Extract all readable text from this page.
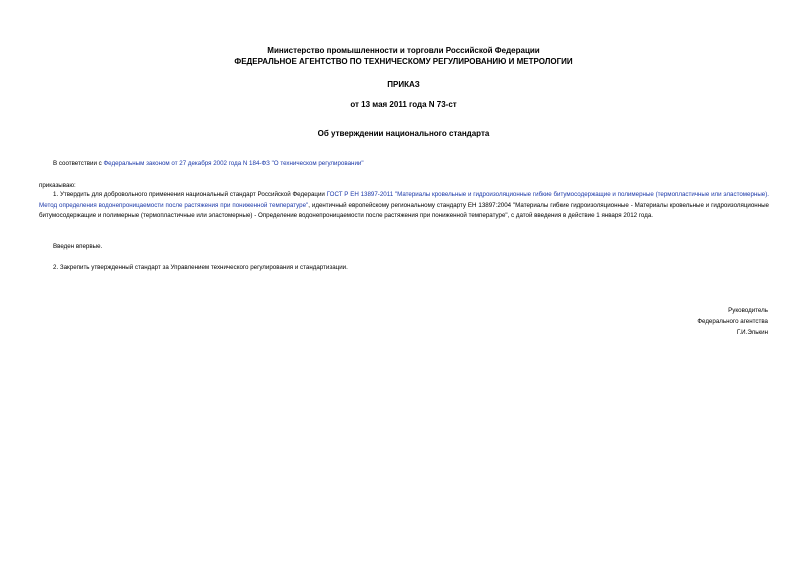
Министерство промышленности и торговли Российской Федерации
ФЕДЕРАЛЬНОЕ АГЕНТСТВО ПО ТЕХНИЧЕСКОМУ РЕГУЛИРОВАНИЮ И МЕТРОЛОГИИ
ПРИКАЗ
от 13 мая 2011 года N 73-ст
Об утверждении национального стандарта
В соответствии с Федеральным законом от 27 декабря 2002 года N 184-ФЗ "О техническом регулировании"
приказываю:
1. Утвердить для добровольного применения национальный стандарт Российской Федерации ГОСТ Р ЕН 13897-2011 "Материалы кровельные и гидроизоляционные гибкие битумосодержащие и полимерные (термопластичные или эластомерные). Метод определения водонепроницаемости после растяжения при пониженной температуре", идентичный европейскому региональному стандарту ЕН 13897:2004 "Материалы гибкие гидроизоляционные - Материалы кровельные и гидроизоляционные битумосодержащие и полимерные (термопластичные или эластомерные) - Определение водонепроницаемости после растяжения при пониженной температуре", с датой введения в действие 1 января 2012 года.
Введен впервые.
2. Закрепить утвержденный стандарт за Управлением технического регулирования и стандартизации.
Руководитель
Федерального агентства
Г.И.Элькин
